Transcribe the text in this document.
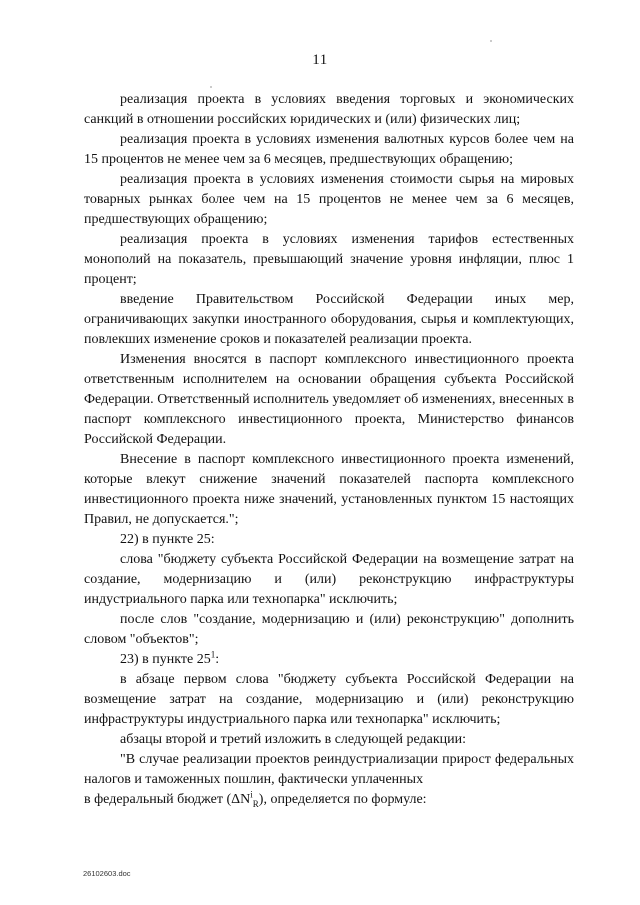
11

реализация проекта в условиях введения торговых и экономических санкций в отношении российских юридических и (или) физических лиц;

реализация проекта в условиях изменения валютных курсов более чем на 15 процентов не менее чем за 6 месяцев, предшествующих обращению;

реализация проекта в условиях изменения стоимости сырья на мировых товарных рынках более чем на 15 процентов не менее чем за 6 месяцев, предшествующих обращению;

реализация проекта в условиях изменения тарифов естественных монополий на показатель, превышающий значение уровня инфляции, плюс 1 процент;

введение Правительством Российской Федерации иных мер, ограничивающих закупки иностранного оборудования, сырья и комплектующих, повлекших изменение сроков и показателей реализации проекта.

Изменения вносятся в паспорт комплексного инвестиционного проекта ответственным исполнителем на основании обращения субъекта Российской Федерации. Ответственный исполнитель уведомляет об изменениях, внесенных в паспорт комплексного инвестиционного проекта, Министерство финансов Российской Федерации.

Внесение в паспорт комплексного инвестиционного проекта изменений, которые влекут снижение значений показателей паспорта комплексного инвестиционного проекта ниже значений, установленных пунктом 15 настоящих Правил, не допускается.";

22) в пункте 25:

слова "бюджету субъекта Российской Федерации на возмещение затрат на создание, модернизацию и (или) реконструкцию инфраструктуры индустриального парка или технопарка" исключить;

после слов "создание, модернизацию и (или) реконструкцию" дополнить словом "объектов";

23) в пункте $25^1$:

в абзаце первом слова "бюджету субъекта Российской Федерации на возмещение затрат на создание, модернизацию и (или) реконструкцию инфраструктуры индустриального парка или технопарка" исключить;

абзацы второй и третий изложить в следующей редакции:

"В случае реализации проектов реиндустриализации прирост федеральных налогов и таможенных пошлин, фактически уплаченных

в федеральный бюджет $(\Delta N^i_R)$, определяется по формуле:

26102603.doc
